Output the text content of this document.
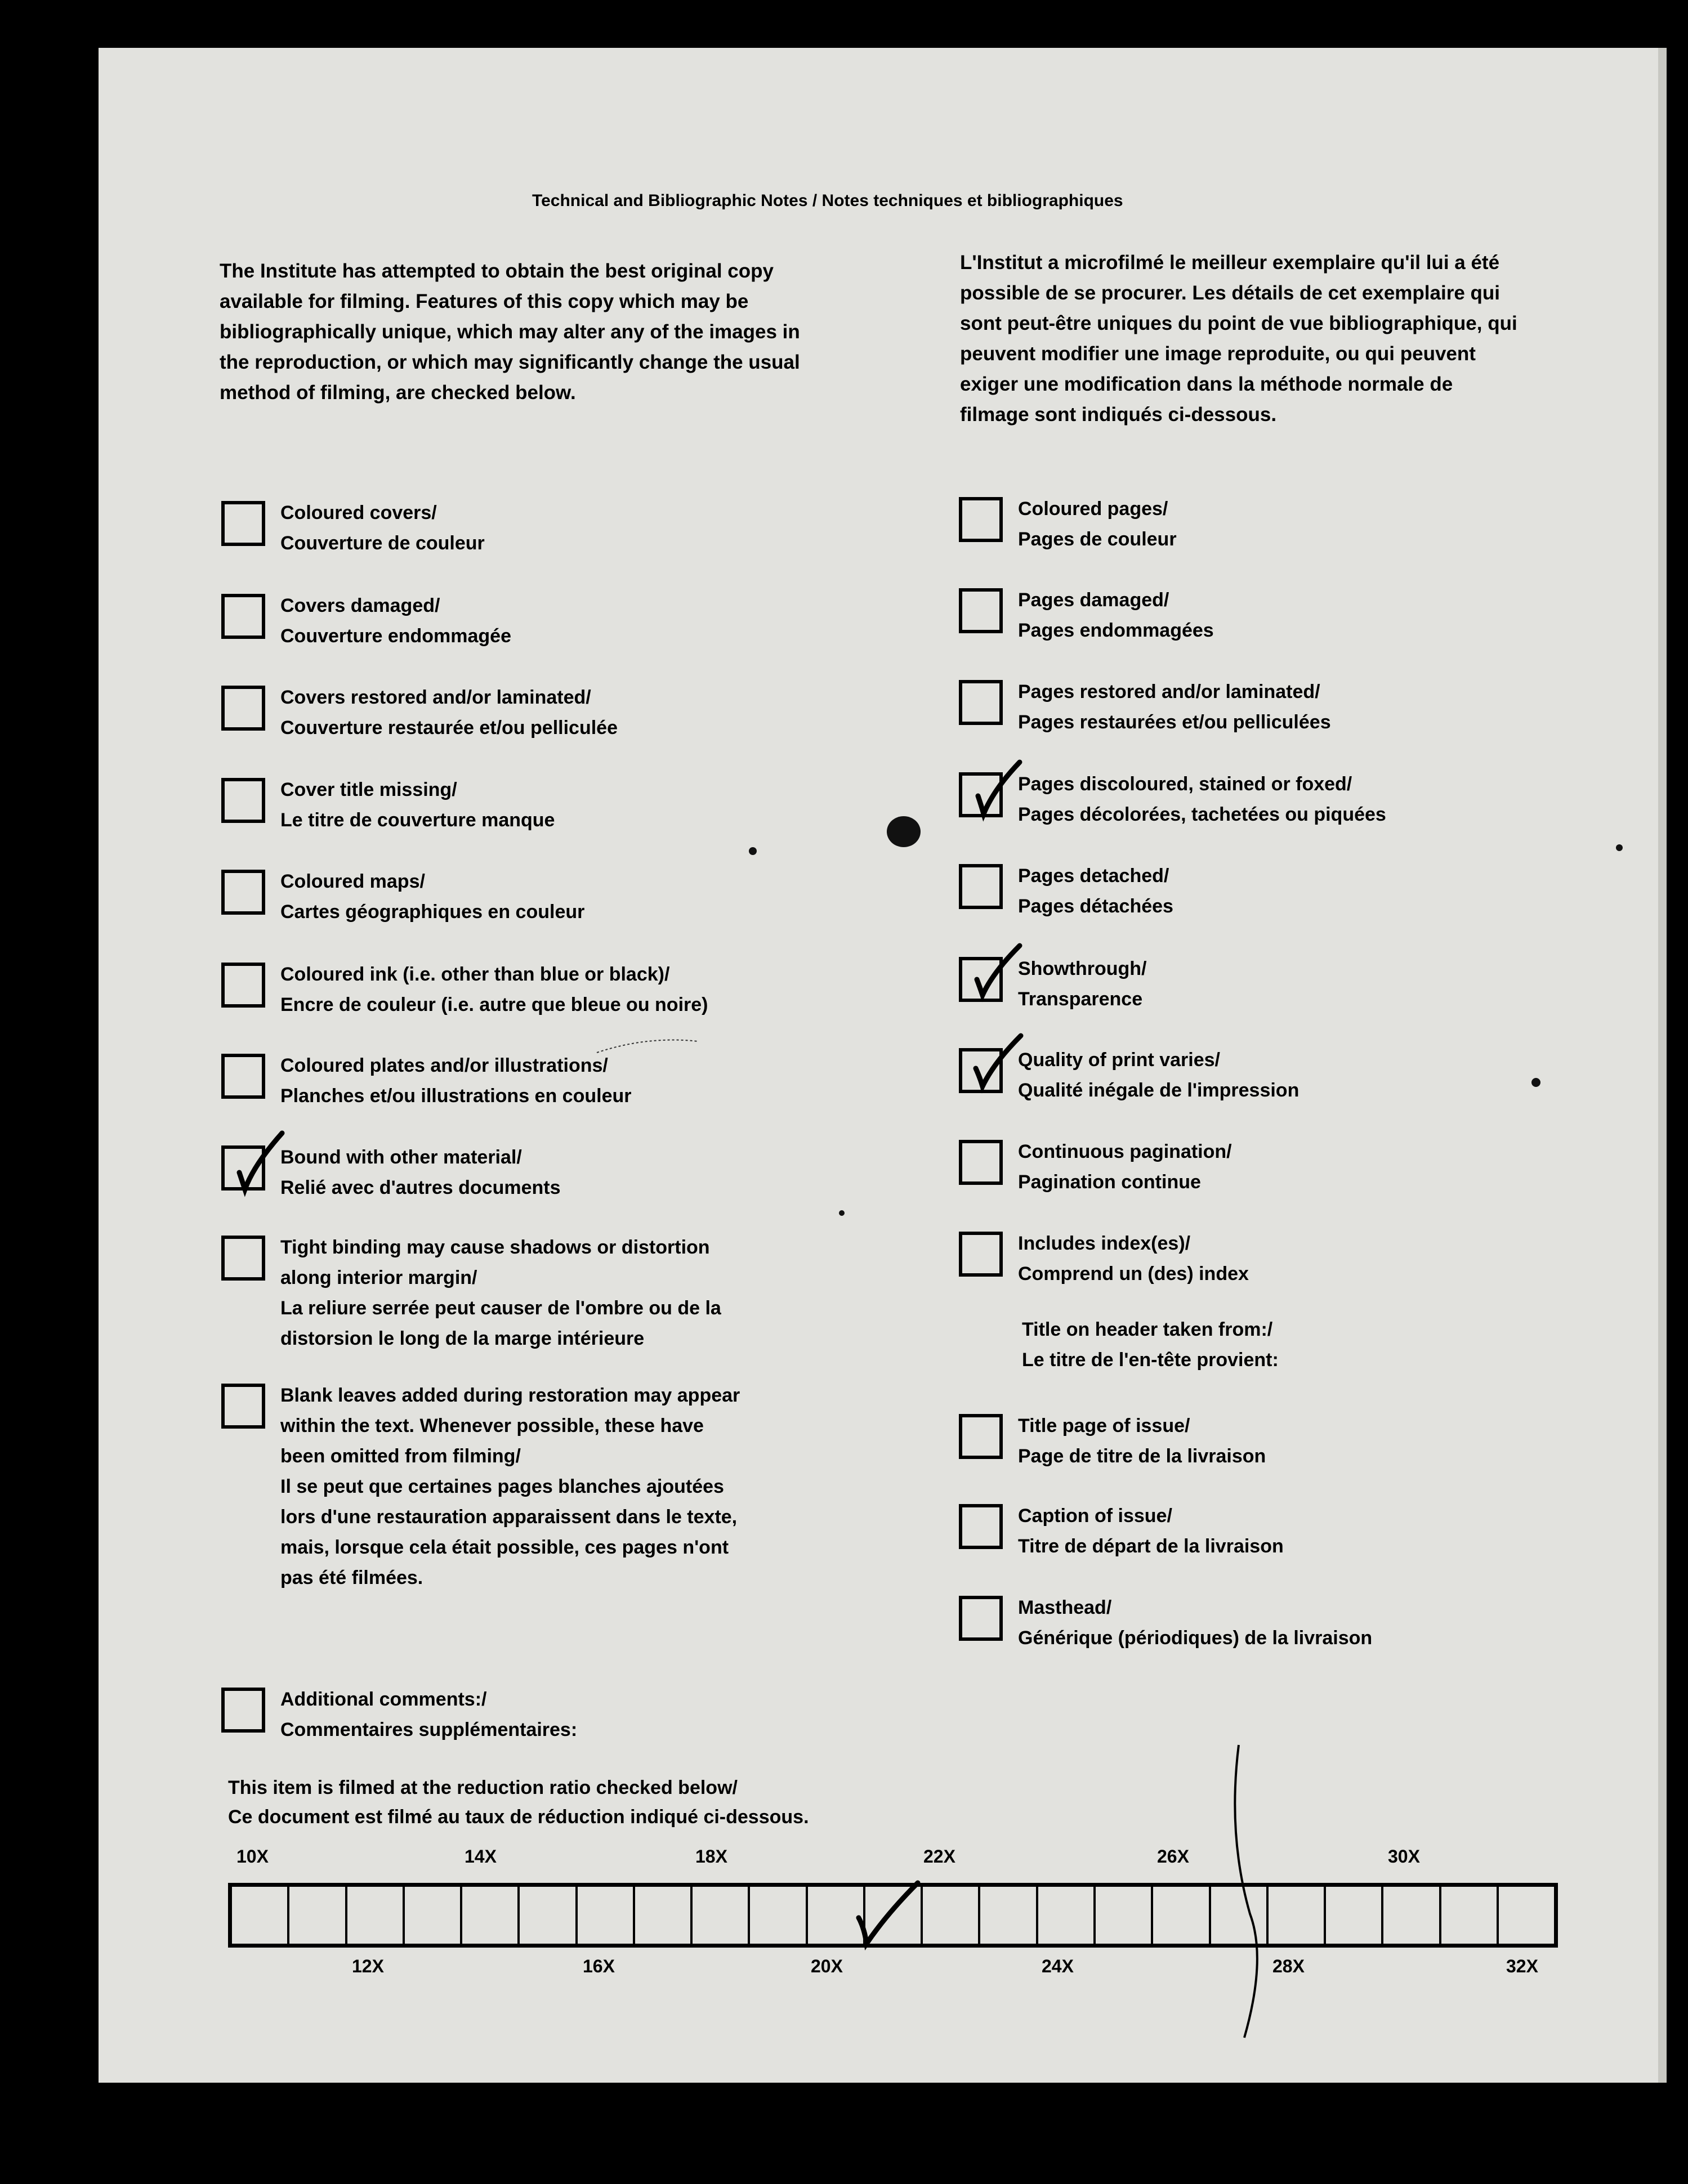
Technical and Bibliographic Notes / Notes techniques et bibliographiques
The Institute has attempted to obtain the best original copy available for filming. Features of this copy which may be bibliographically unique, which may alter any of the images in the reproduction, or which may significantly change the usual method of filming, are checked below.
L'Institut a microfilmé le meilleur exemplaire qu'il lui a été possible de se procurer. Les détails de cet exemplaire qui sont peut-être uniques du point de vue bibliographique, qui peuvent modifier une image reproduite, ou qui peuvent exiger une modification dans la méthode normale de filmage sont indiqués ci-dessous.
Coloured covers/
Couverture de couleur
Covers damaged/
Couverture endommagée
Covers restored and/or laminated/
Couverture restaurée et/ou pelliculée
Cover title missing/
Le titre de couverture manque
Coloured maps/
Cartes géographiques en couleur
Coloured ink (i.e. other than blue or black)/
Encre de couleur (i.e. autre que bleue ou noire)
Coloured plates and/or illustrations/
Planches et/ou illustrations en couleur
Bound with other material/
Relié avec d'autres documents
Tight binding may cause shadows or distortion
along interior margin/
La reliure serrée peut causer de l'ombre ou de la
distorsion le long de la marge intérieure
Blank leaves added during restoration may appear
within the text. Whenever possible, these have
been omitted from filming/
Il se peut que certaines pages blanches ajoutées
lors d'une restauration apparaissent dans le texte,
mais, lorsque cela était possible, ces pages n'ont
pas été filmées.
Additional comments:/
Commentaires supplémentaires:
Coloured pages/
Pages de couleur
Pages damaged/
Pages endommagées
Pages restored and/or laminated/
Pages restaurées et/ou pelliculées
Pages discoloured, stained or foxed/
Pages décolorées, tachetées ou piquées
Pages detached/
Pages détachées
Showthrough/
Transparence
Quality of print varies/
Qualité inégale de l'impression
Continuous pagination/
Pagination continue
Includes index(es)/
Comprend un (des) index
Title on header taken from:/
Le titre de l'en-tête provient:
Title page of issue/
Page de titre de la livraison
Caption of issue/
Titre de départ de la livraison
Masthead/
Générique (périodiques) de la livraison
This item is filmed at the reduction ratio checked below/
Ce document est filmé au taux de réduction indiqué ci-dessous.
10X	14X	18X	22X	26X	30X
12X	16X	20X	24X	28X	32X
